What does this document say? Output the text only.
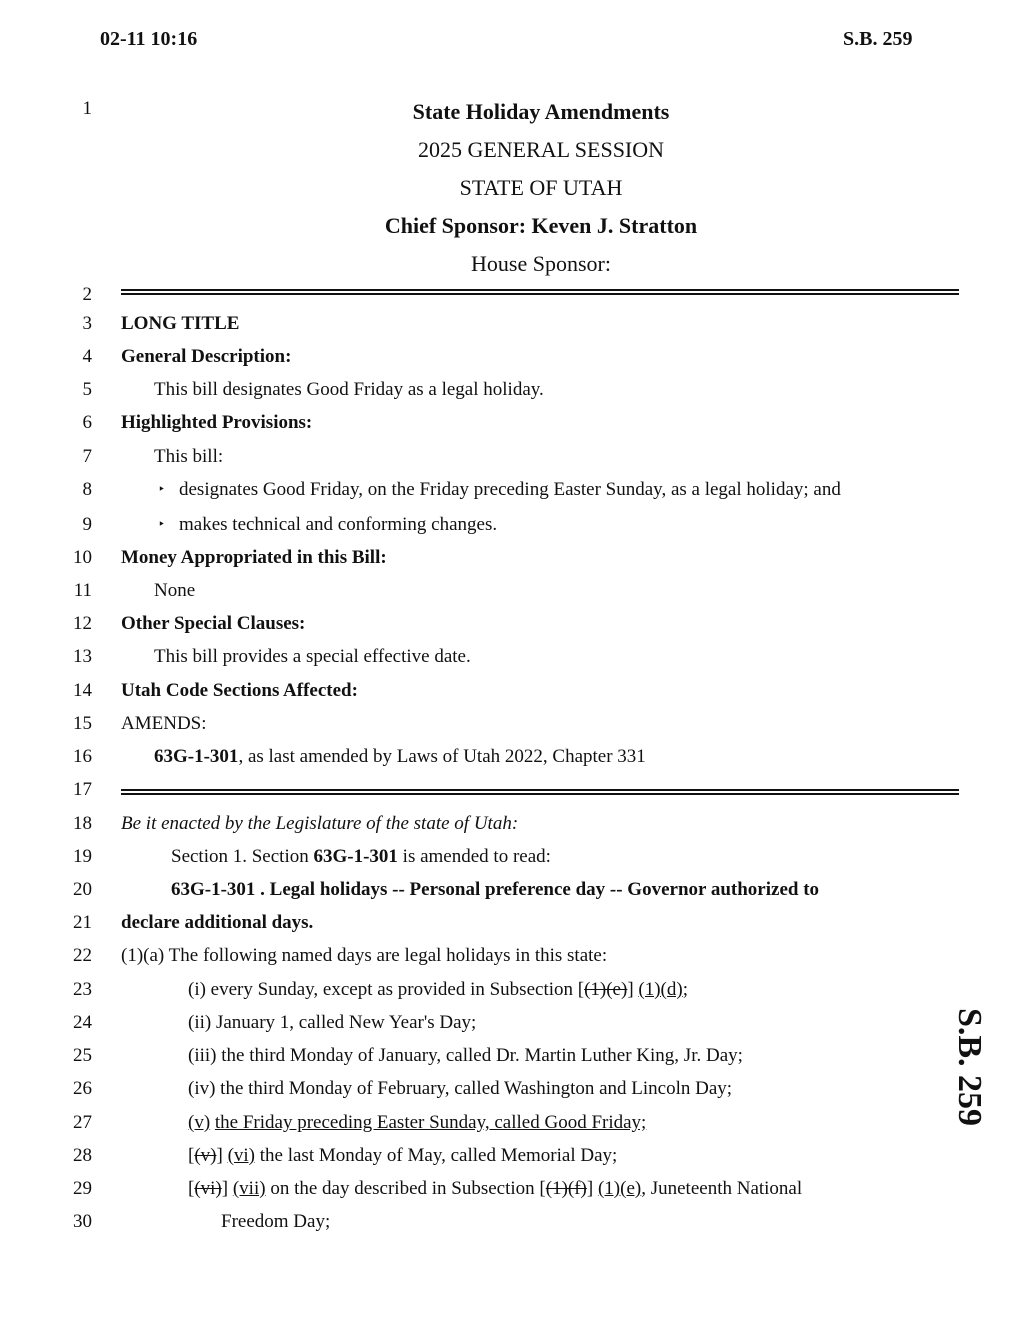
02-11 10:16	S.B. 259
S.B. 259
1
2
3
4
5
6
7
8
9
10
11
12
13
14
15
16
17
18
19
20
21
22
23
24
25
26
27
28
29
30
State Holiday Amendments
2025 GENERAL SESSION
STATE OF UTAH
Chief Sponsor: Keven J. Stratton
House Sponsor:
LONG TITLE
General Description:
This bill designates Good Friday as a legal holiday.
Highlighted Provisions:
This bill:
‣ designates Good Friday, on the Friday preceding Easter Sunday, as a legal holiday; and
‣ makes technical and conforming changes.
Money Appropriated in this Bill:
None
Other Special Clauses:
This bill provides a special effective date.
Utah Code Sections Affected:
AMENDS:
63G-1-301, as last amended by Laws of Utah 2022, Chapter 331
Be it enacted by the Legislature of the state of Utah:
Section 1. Section 63G-1-301 is amended to read:
63G-1-301 . Legal holidays -- Personal preference day -- Governor authorized to
declare additional days.
(1)(a) The following named days are legal holidays in this state:
(i) every Sunday, except as provided in Subsection [(1)(e)] (1)(d);
(ii) January 1, called New Year's Day;
(iii) the third Monday of January, called Dr. Martin Luther King, Jr. Day;
(iv) the third Monday of February, called Washington and Lincoln Day;
(v) the Friday preceding Easter Sunday, called Good Friday;
[(v)] (vi) the last Monday of May, called Memorial Day;
[(vi)] (vii) on the day described in Subsection [(1)(f)] (1)(e), Juneteenth National
Freedom Day;
